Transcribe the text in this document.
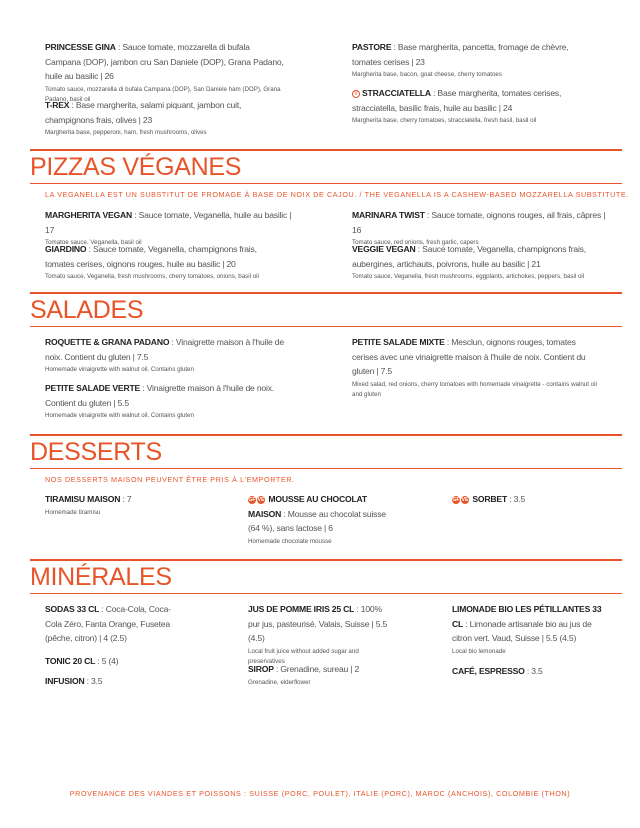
PRINCESSE GINA : Sauce tomate, mozzarella di bufala Campana (DOP), jambon cru San Daniele (DOP), Grana Padano, huile au basilic | 26
Tomato sauce, mozzarella di bufala Campana (DOP), San Daniele ham (DOP), Grana Padano, basil oil
T-REX : Base margherita, salami piquant, jambon cuit, champignons frais, olives | 23
Margherita base, pepperoni, ham, fresh mushrooms, olives
PASTORE : Base margherita, pancetta, fromage de chèvre, tomates cerises | 23
Margherita base, bacon, goat cheese, cherry tomatoes
V STRACCIATELLA : Base margherita, tomates cerises, stracciatella, basilic frais, huile au basilic | 24
Margherita base, cherry tomatoes, stracciatella, fresh basil, basil oil
PIZZAS VÉGANES
LA VEGANELLA EST UN SUBSTITUT DE FROMAGE À BASE DE NOIX DE CAJOU. / THE VEGANELLA IS A CASHEW-BASED MOZZARELLA SUBSTITUTE.
MARGHERITA VEGAN : Sauce tomate, Veganella, huile au basilic | 17
Tomatoe sauce, Veganella, basil oil
GIARDINO : Sauce tomate, Veganella, champignons frais, tomates cerises, oignons rouges, huile au basilic | 20
Tomato sauce, Veganella, fresh mushrooms, cherry tomatoes, onions, basil oil
MARINARA TWIST : Sauce tomate, oignons rouges, ail frais, câpres | 16
Tomato sauce, red onions, fresh garlic, capers
VEGGIE VEGAN : Sauce tomate, Veganella, champignons frais, aubergines, artichauts, poivrons, huile au basilic | 21
Tomato sauce, Veganella, fresh mushrooms, eggplants, artichokes, peppers, basil oil
SALADES
ROQUETTE & GRANA PADANO : Vinaigrette maison à l'huile de noix. Contient du gluten | 7.5
Homemade vinaigrette with walnut oil. Contains gluten
PETITE SALADE VERTE : Vinaigrette maison à l'huile de noix. Contient du gluten | 5.5
Homemade vinaigrette with walnut oil. Contains gluten
PETITE SALADE MIXTE : Mesclun, oignons rouges, tomates cerises avec une vinaigrette maison à l'huile de noix. Contient du gluten | 7.5
Mixed salad, red onions, cherry tomatoes with homemade vinaigrette - contains walnut oil and gluten
DESSERTS
NOS DESSERTS MAISON PEUVENT ÊTRE PRIS À L'EMPORTER.
TIRAMISU MAISON : 7
Homemade tiramisu
GF VE MOUSSE AU CHOCOLAT MAISON : Mousse au chocolat suisse (64 %), sans lactose | 6
Homemade chocolate mousse
GF VE SORBET : 3.5
MINÉRALES
SODAS 33 CL : Coca-Cola, Coca-Cola Zéro, Fanta Orange, Fusetea (pêche, citron) | 4 (2.5)
TONIC 20 CL : 5 (4)
INFUSION : 3.5
JUS DE POMME IRIS 25 CL : 100% pur jus, pasteurisé. Valais, Suisse | 5.5 (4.5)
Local fruit juice without added sugar and preservatives
SIROP : Grenadine, sureau | 2
Grenadine, elderflower
LIMONADE BIO LES PÉTILLANTES 33 CL : Limonade artisanale bio au jus de citron vert. Vaud, Suisse | 5.5 (4.5)
Local bio lemonade
CAFÉ, ESPRESSO : 3.5
PROVENANCE DES VIANDES ET POISSONS : SUISSE (PORC, POULET), ITALIE (PORC), MAROC (ANCHOIS), COLOMBIE (THON)
